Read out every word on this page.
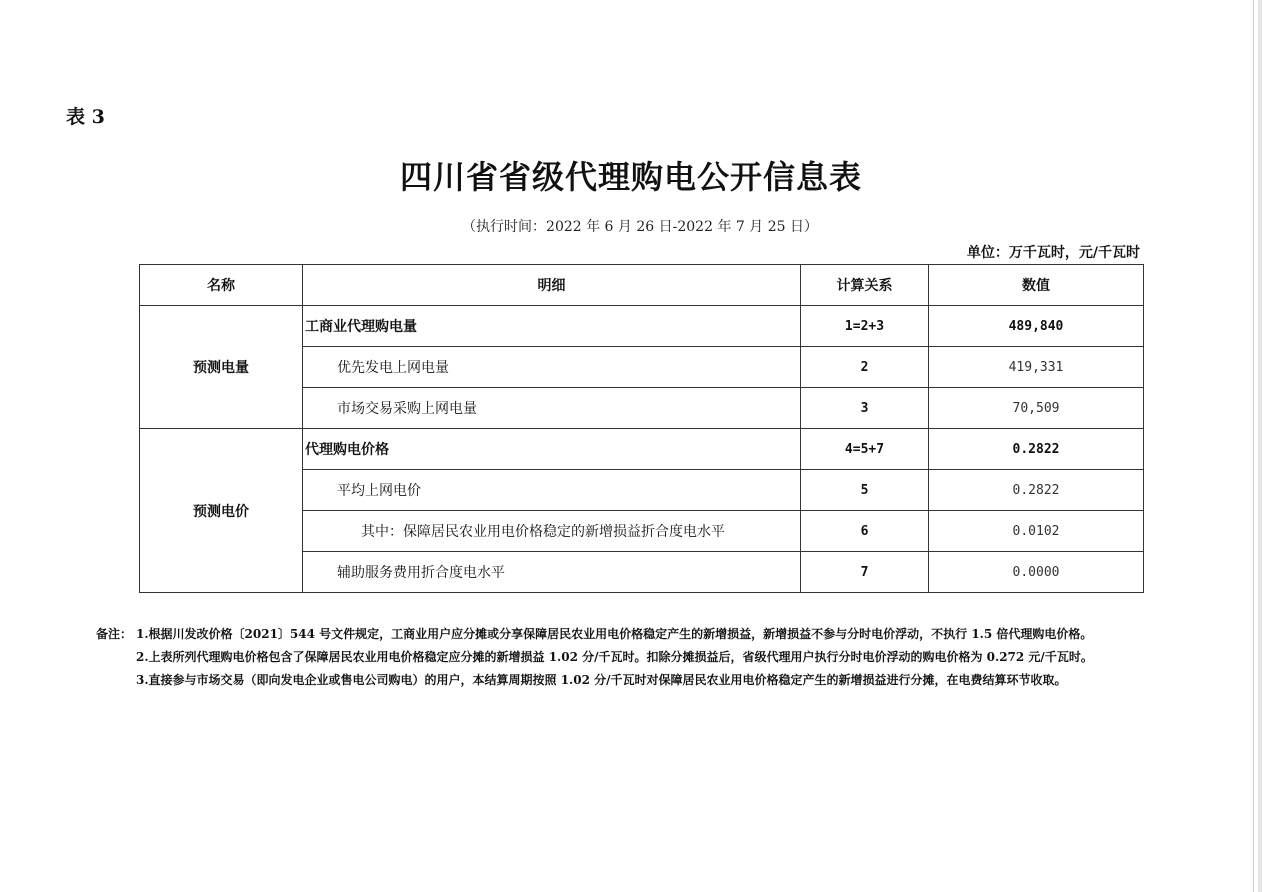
表 3
四川省省级代理购电公开信息表
（执行时间：2022 年 6 月 26 日-2022 年 7 月 25 日）
单位：万千瓦时，元/千瓦时
名称	明细	计算关系	数值
预测电量	工商业代理购电量	1=2+3	489,840
	优先发电上网电量	2	419,331
	市场交易采购上网电量	3	70,509
预测电价	代理购电价格	4=5+7	0.2822
	平均上网电价	5	0.2822
	其中：保障居民农业用电价格稳定的新增损益折合度电水平	6	0.0102
	辅助服务费用折合度电水平	7	0.0000
备注： 1.根据川发改价格〔2021〕544 号文件规定，工商业用户应分摊或分享保障居民农业用电价格稳定产生的新增损益，新增损益不参与分时电价浮动，不执行 1.5 倍代理购电价格。
2.上表所列代理购电价格包含了保障居民农业用电价格稳定应分摊的新增损益 1.02 分/千瓦时。扣除分摊损益后，省级代理用户执行分时电价浮动的购电价格为 0.272 元/千瓦时。
3.直接参与市场交易（即向发电企业或售电公司购电）的用户，本结算周期按照 1.02 分/千瓦时对保障居民农业用电价格稳定产生的新增损益进行分摊，在电费结算环节收取。
